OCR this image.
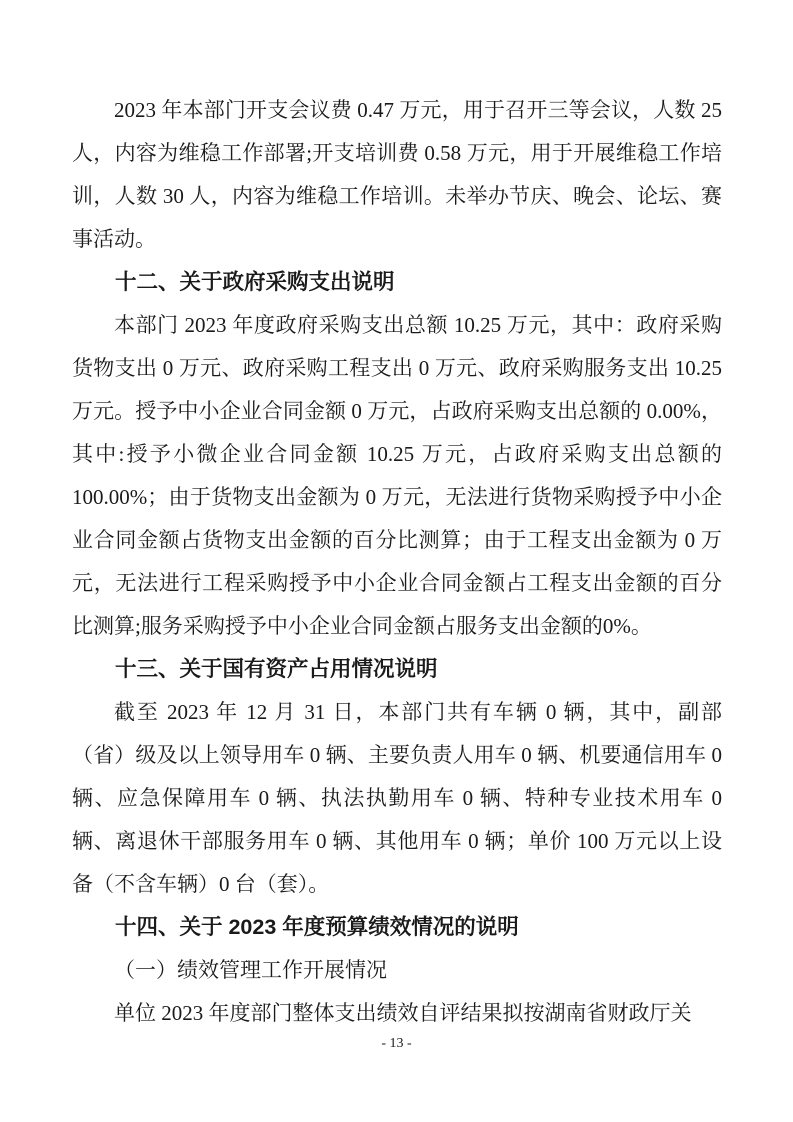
2023 年本部门开支会议费 0.47 万元，用于召开三等会议，人数 25 人，内容为维稳工作部署;开支培训费 0.58 万元，用于开展维稳工作培训，人数 30 人，内容为维稳工作培训。未举办节庆、晚会、论坛、赛事活动。

十二、关于政府采购支出说明

本部门 2023 年度政府采购支出总额 10.25 万元，其中：政府采购货物支出 0 万元、政府采购工程支出 0 万元、政府采购服务支出 10.25 万元。授予中小企业合同金额 0 万元，占政府采购支出总额的 0.00%，其中:授予小微企业合同金额 10.25 万元，占政府采购支出总额的 100.00%；由于货物支出金额为 0 万元，无法进行货物采购授予中小企业合同金额占货物支出金额的百分比测算；由于工程支出金额为 0 万元，无法进行工程采购授予中小企业合同金额占工程支出金额的百分比测算;服务采购授予中小企业合同金额占服务支出金额的0%。

十三、关于国有资产占用情况说明

截至 2023 年 12 月 31 日，本部门共有车辆 0 辆，其中，副部（省）级及以上领导用车 0 辆、主要负责人用车 0 辆、机要通信用车 0 辆、应急保障用车 0 辆、执法执勤用车 0 辆、特种专业技术用车 0 辆、离退休干部服务用车 0 辆、其他用车 0 辆；单价 100 万元以上设备（不含车辆）0 台（套）。

十四、关于 2023 年度预算绩效情况的说明

（一）绩效管理工作开展情况

单位 2023 年度部门整体支出绩效自评结果拟按湖南省财政厅关

- 13 -
